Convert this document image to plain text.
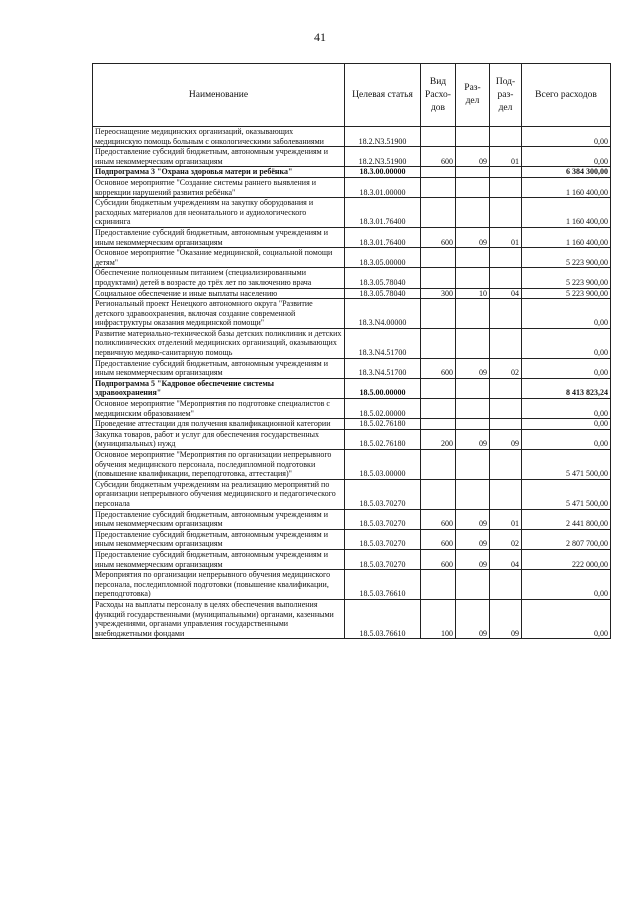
41
Наименование	Целевая статья	Вид Расхо- дов	Раз- дел	Под- раз- дел	Всего расходов
Переоснащение медицинских организаций, оказывающих медицинскую помощь больным с онкологическими заболеваниями	18.2.N3.51900				0,00
Предоставление субсидий бюджетным, автономным учреждениям и иным некоммерческим организациям	18.2.N3.51900	600	09	01	0,00
Подпрограмма 3 "Охрана здоровья матери и ребёнка"	18.3.00.00000				6 384 300,00
Основное мероприятие "Создание системы раннего выявления и коррекции нарушений развития ребёнка"	18.3.01.00000				1 160 400,00
Субсидии бюджетным учреждениям на закупку оборудования и расходных материалов для неонатального и аудиологического скрининга	18.3.01.76400				1 160 400,00
Предоставление субсидий бюджетным, автономным учреждениям и иным некоммерческим организациям	18.3.01.76400	600	09	01	1 160 400,00
Основное мероприятие "Оказание медицинской, социальной помощи детям"	18.3.05.00000				5 223 900,00
Обеспечение полноценным питанием (специализированными продуктами) детей в возрасте до трёх лет по заключению врача	18.3.05.78040				5 223 900,00
Социальное обеспечение и иные выплаты населению	18.3.05.78040	300	10	04	5 223 900,00
Региональный проект Ненецкого автономного округа "Развитие детского здравоохранения, включая создание современной инфраструктуры оказания медицинской помощи"	18.3.N4.00000				0,00
Развитие материально-технической базы детских поликлиник и детских поликлинических отделений медицинских организаций, оказывающих первичную медико-санитарную помощь	18.3.N4.51700				0,00
Предоставление субсидий бюджетным, автономным учреждениям и иным некоммерческим организациям	18.3.N4.51700	600	09	02	0,00
Подпрограмма 5 "Кадровое обеспечение системы здравоохранения"	18.5.00.00000				8 413 823,24
Основное мероприятие "Мероприятия по подготовке специалистов с медицинским образованием"	18.5.02.00000				0,00
Проведение аттестации для получения квалификационной категории	18.5.02.76180				0,00
Закупка товаров, работ и услуг для обеспечения государственных (муниципальных) нужд	18.5.02.76180	200	09	09	0,00
Основное мероприятие "Мероприятия по организации непрерывного обучения медицинского персонала, последипломной подготовки (повышение квалификации, переподготовка, аттестация)"	18.5.03.00000				5 471 500,00
Субсидии бюджетным учреждениям на реализацию мероприятий по организации непрерывного обучения медицинского и педагогического персонала	18.5.03.70270				5 471 500,00
Предоставление субсидий бюджетным, автономным учреждениям и иным некоммерческим организациям	18.5.03.70270	600	09	01	2 441 800,00
Предоставление субсидий бюджетным, автономным учреждениям и иным некоммерческим организациям	18.5.03.70270	600	09	02	2 807 700,00
Предоставление субсидий бюджетным, автономным учреждениям и иным некоммерческим организациям	18.5.03.70270	600	09	04	222 000,00
Мероприятия по организации непрерывного обучения медицинского персонала, последипломной подготовки (повышение квалификации, переподготовка)	18.5.03.76610				0,00
Расходы на выплаты персоналу в целях обеспечения выполнения функций государственными (муниципальными) органами, казенными учреждениями, органами управления государственными внебюджетными фондами	18.5.03.76610	100	09	09	0,00
